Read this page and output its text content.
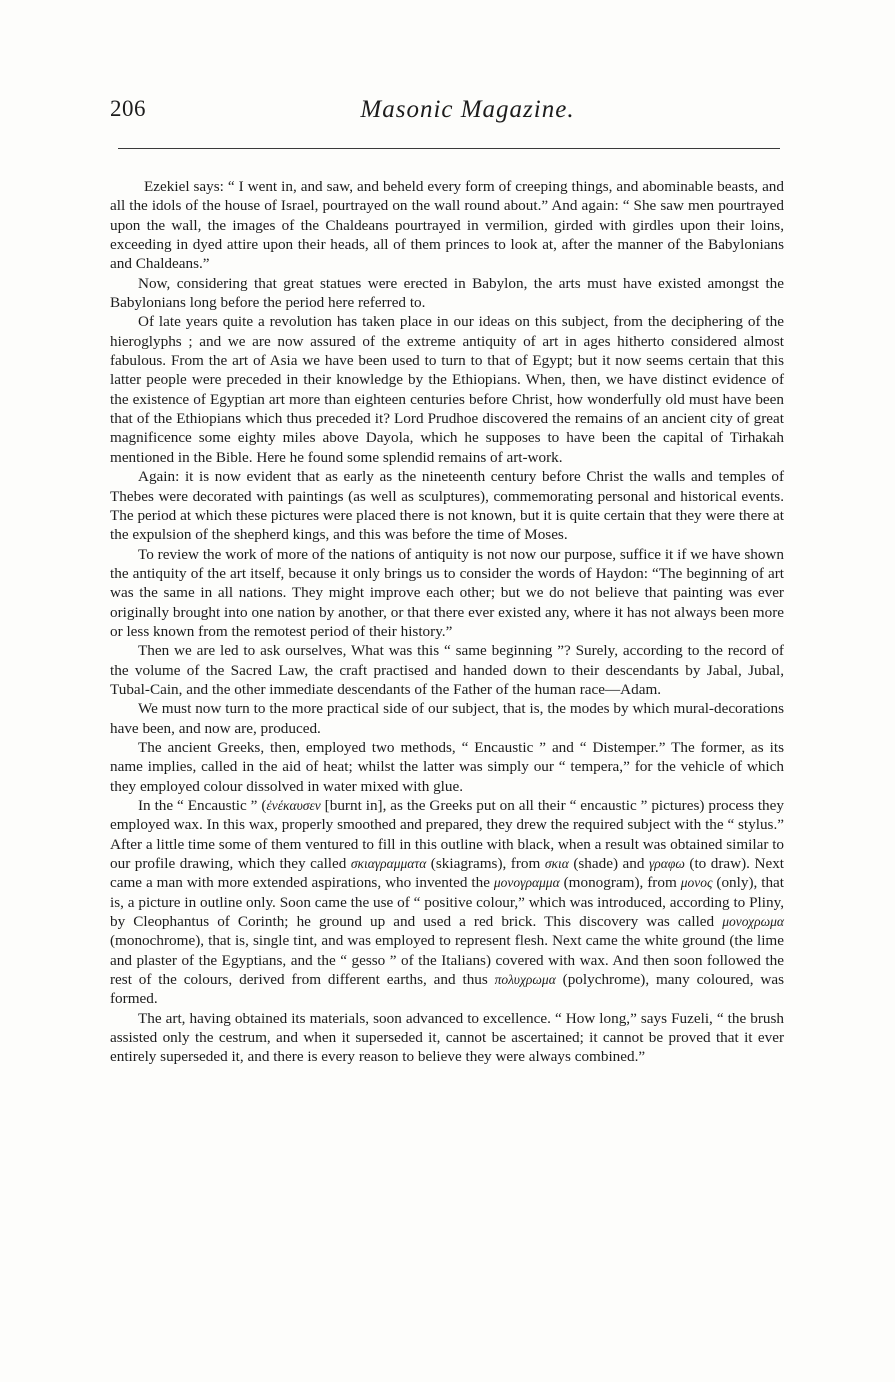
206	Masonic Magazine.

Ezekiel says: “ I went in, and saw, and beheld every form of creeping things, and abominable beasts, and all the idols of the house of Israel, pourtrayed on the wall round about.” And again: “ She saw men pourtrayed upon the wall, the images of the Chaldeans pourtrayed in vermilion, girded with girdles upon their loins, exceeding in dyed attire upon their heads, all of them princes to look at, after the manner of the Babylonians and Chaldeans.”

Now, considering that great statues were erected in Babylon, the arts must have existed amongst the Babylonians long before the period here referred to.

Of late years quite a revolution has taken place in our ideas on this subject, from the deciphering of the hieroglyphs ; and we are now assured of the extreme antiquity of art in ages hitherto considered almost fabulous. From the art of Asia we have been used to turn to that of Egypt; but it now seems certain that this latter people were preceded in their knowledge by the Ethiopians. When, then, we have distinct evidence of the existence of Egyptian art more than eighteen centuries before Christ, how wonderfully old must have been that of the Ethiopians which thus preceded it? Lord Prudhoe discovered the remains of an ancient city of great magnificence some eighty miles above Dayola, which he supposes to have been the capital of Tirhakah mentioned in the Bible. Here he found some splendid remains of art-work.

Again: it is now evident that as early as the nineteenth century before Christ the walls and temples of Thebes were decorated with paintings (as well as sculptures), commemorating personal and historical events. The period at which these pictures were placed there is not known, but it is quite certain that they were there at the expulsion of the shepherd kings, and this was before the time of Moses.

To review the work of more of the nations of antiquity is not now our purpose, suffice it if we have shown the antiquity of the art itself, because it only brings us to consider the words of Haydon: “The beginning of art was the same in all nations. They might improve each other; but we do not believe that painting was ever originally brought into one nation by another, or that there ever existed any, where it has not always been more or less known from the remotest period of their history.”

Then we are led to ask ourselves, What was this “ same beginning ”? Surely, according to the record of the volume of the Sacred Law, the craft practised and handed down to their descendants by Jabal, Jubal, Tubal-Cain, and the other immediate descendants of the Father of the human race—Adam.

We must now turn to the more practical side of our subject, that is, the modes by which mural-decorations have been, and now are, produced.

The ancient Greeks, then, employed two methods, “ Encaustic ” and “ Distemper.” The former, as its name implies, called in the aid of heat; whilst the latter was simply our “ tempera,” for the vehicle of which they employed colour dissolved in water mixed with glue.

In the “ Encaustic ” (ἐνέκαυσεν [burnt in], as the Greeks put on all their “ encaustic ” pictures) process they employed wax. In this wax, properly smoothed and prepared, they drew the required subject with the “ stylus.” After a little time some of them ventured to fill in this outline with black, when a result was obtained similar to our profile drawing, which they called σκιαγραμματα (skiagrams), from σκια (shade) and γραφω (to draw). Next came a man with more extended aspirations, who invented the μονογραμμα (monogram), from μονος (only), that is, a picture in outline only. Soon came the use of “ positive colour,” which was introduced, according to Pliny, by Cleophantus of Corinth; he ground up and used a red brick. This discovery was called μονοχρωμα (monochrome), that is, single tint, and was employed to represent flesh. Next came the white ground (the lime and plaster of the Egyptians, and the “ gesso ” of the Italians) covered with wax. And then soon followed the rest of the colours, derived from different earths, and thus πολυχρωμα (polychrome), many coloured, was formed.

The art, having obtained its materials, soon advanced to excellence. “ How long,” says Fuzeli, “ the brush assisted only the cestrum, and when it superseded it, cannot be ascertained; it cannot be proved that it ever entirely superseded it, and there is every reason to believe they were always combined.”
